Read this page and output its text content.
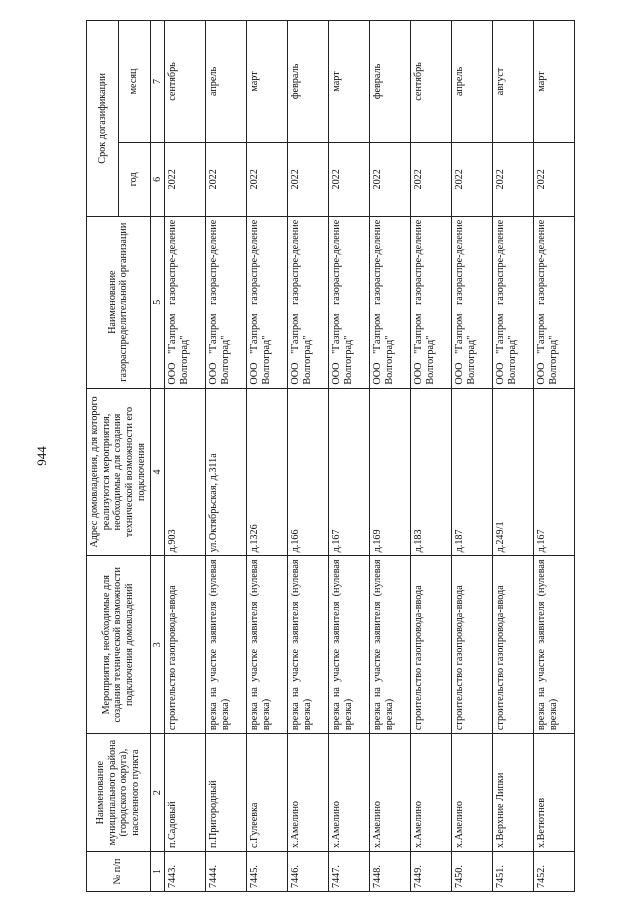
944
№ п/п	Наименование муниципального района (городского округа), населенного пункта	Мероприятия, необходимые для создания технической возможности подключения домовладений	Адрес домовладения, для которого реализуются мероприятия, необходимые для создания технической возможности его подключения	Наименование газораспределительной организации	Срок догазификации	
					год	месяц
1	2	3	4	5	6	7
7443.	п.Садовый	строительство газопровода-ввода	д.903	ООО "Газпром газораспре-деление Волгоград"	2022	сентябрь
7444.	п.Пригородный	врезка на участке заявителя (нулевая врезка)	ул.Октябрьская, д.311а	ООО "Газпром газораспре-деление Волгоград"	2022	апрель
7445.	с.Гулеевка	врезка на участке заявителя (нулевая врезка)	д.1326	ООО "Газпром газораспре-деление Волгоград"	2022	март
7446.	х.Амелино	врезка на участке заявителя (нулевая врезка)	д.166	ООО "Газпром газораспре-деление Волгоград"	2022	февраль
7447.	х.Амелино	врезка на участке заявителя (нулевая врезка)	д.167	ООО "Газпром газораспре-деление Волгоград"	2022	март
7448.	х.Амелино	врезка на участке заявителя (нулевая врезка)	д.169	ООО "Газпром газораспре-деление Волгоград"	2022	февраль
7449.	х.Амелино	строительство газопровода-ввода	д.183	ООО "Газпром газораспре-деление Волгоград"	2022	сентябрь
7450.	х.Амелино	строительство газопровода-ввода	д.187	ООО "Газпром газораспре-деление Волгоград"	2022	апрель
7451.	х.Верхние Липки	строительство газопровода-ввода	д.249/1	ООО "Газпром газораспре-деление Волгоград"	2022	август
7452.	х.Ветютнев	врезка на участке заявителя (нулевая врезка)	д.167	ООО "Газпром газораспре-деление Волгоград"	2022	март
